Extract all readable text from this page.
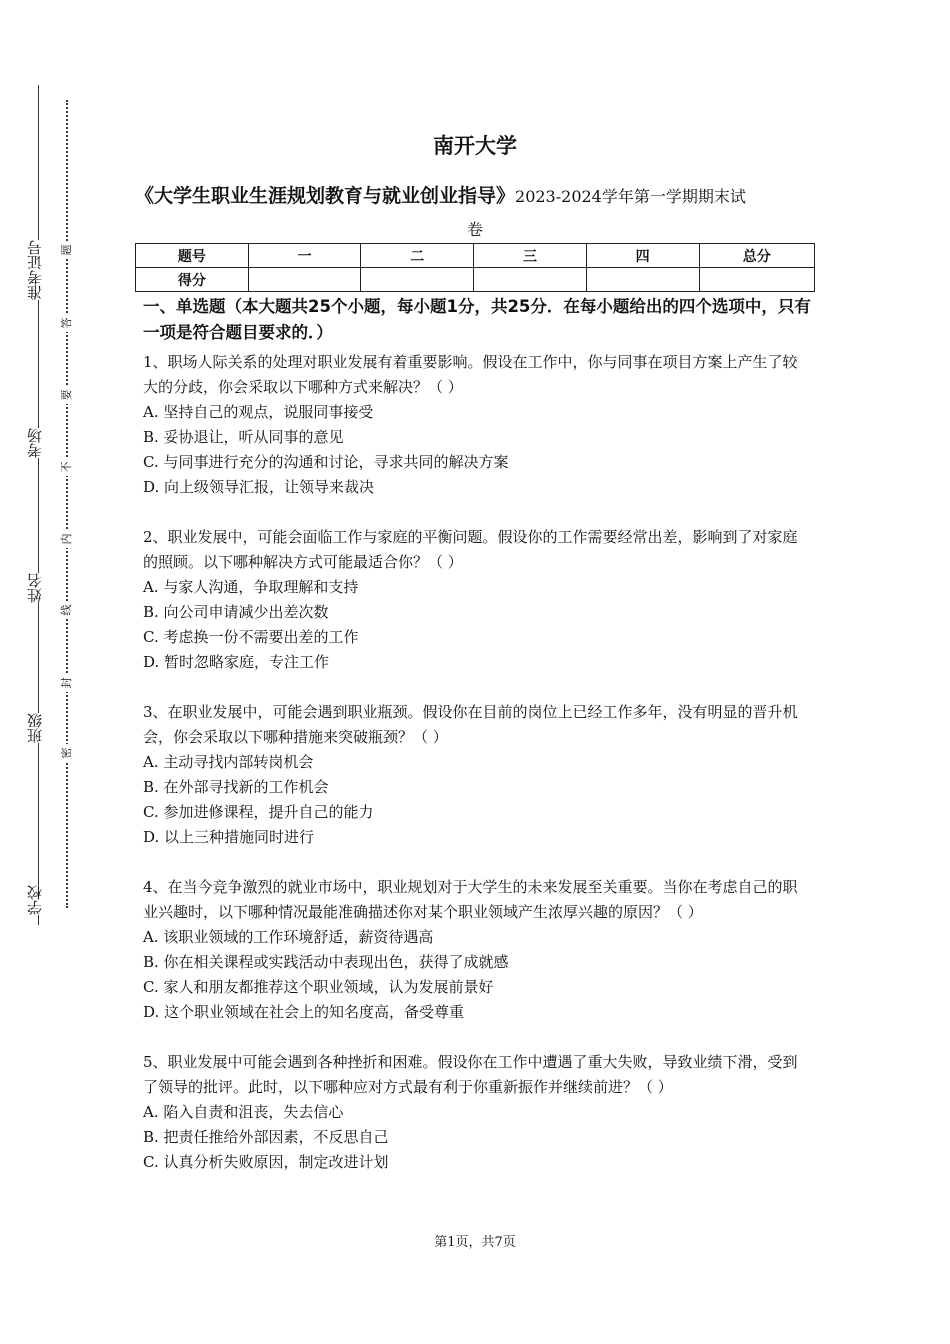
准考证号
考场
姓名
班级
学校
题
答
要
不
内
线
封
密
南开大学
《大学生职业生涯规划教育与就业创业指导》2023-2024学年第一学期期末试
卷
题号	一	二	三	四	总分
得分					
一、单选题（本大题共25个小题，每小题1分，共25分．在每小题给出的四个选项中，只有一项是符合题目要求的．）

1、职场人际关系的处理对职业发展有着重要影响。假设在工作中，你与同事在项目方案上产生了较大的分歧，你会采取以下哪种方式来解决？（ ）

A. 坚持自己的观点，说服同事接受

B. 妥协退让，听从同事的意见

C. 与同事进行充分的沟通和讨论，寻求共同的解决方案

D. 向上级领导汇报，让领导来裁决

2、职业发展中，可能会面临工作与家庭的平衡问题。假设你的工作需要经常出差，影响到了对家庭的照顾。以下哪种解决方式可能最适合你？（ ）

A. 与家人沟通，争取理解和支持

B. 向公司申请减少出差次数

C. 考虑换一份不需要出差的工作

D. 暂时忽略家庭，专注工作

3、在职业发展中，可能会遇到职业瓶颈。假设你在目前的岗位上已经工作多年，没有明显的晋升机会，你会采取以下哪种措施来突破瓶颈？（ ）

A. 主动寻找内部转岗机会

B. 在外部寻找新的工作机会

C. 参加进修课程，提升自己的能力

D. 以上三种措施同时进行

4、在当今竞争激烈的就业市场中，职业规划对于大学生的未来发展至关重要。当你在考虑自己的职业兴趣时，以下哪种情况最能准确描述你对某个职业领域产生浓厚兴趣的原因？（ ）

A. 该职业领域的工作环境舒适，薪资待遇高

B. 你在相关课程或实践活动中表现出色，获得了成就感

C. 家人和朋友都推荐这个职业领域，认为发展前景好

D. 这个职业领域在社会上的知名度高，备受尊重

5、职业发展中可能会遇到各种挫折和困难。假设你在工作中遭遇了重大失败，导致业绩下滑，受到了领导的批评。此时，以下哪种应对方式最有利于你重新振作并继续前进？（ ）

A. 陷入自责和沮丧，失去信心

B. 把责任推给外部因素，不反思自己

C. 认真分析失败原因，制定改进计划

第1页，共7页
